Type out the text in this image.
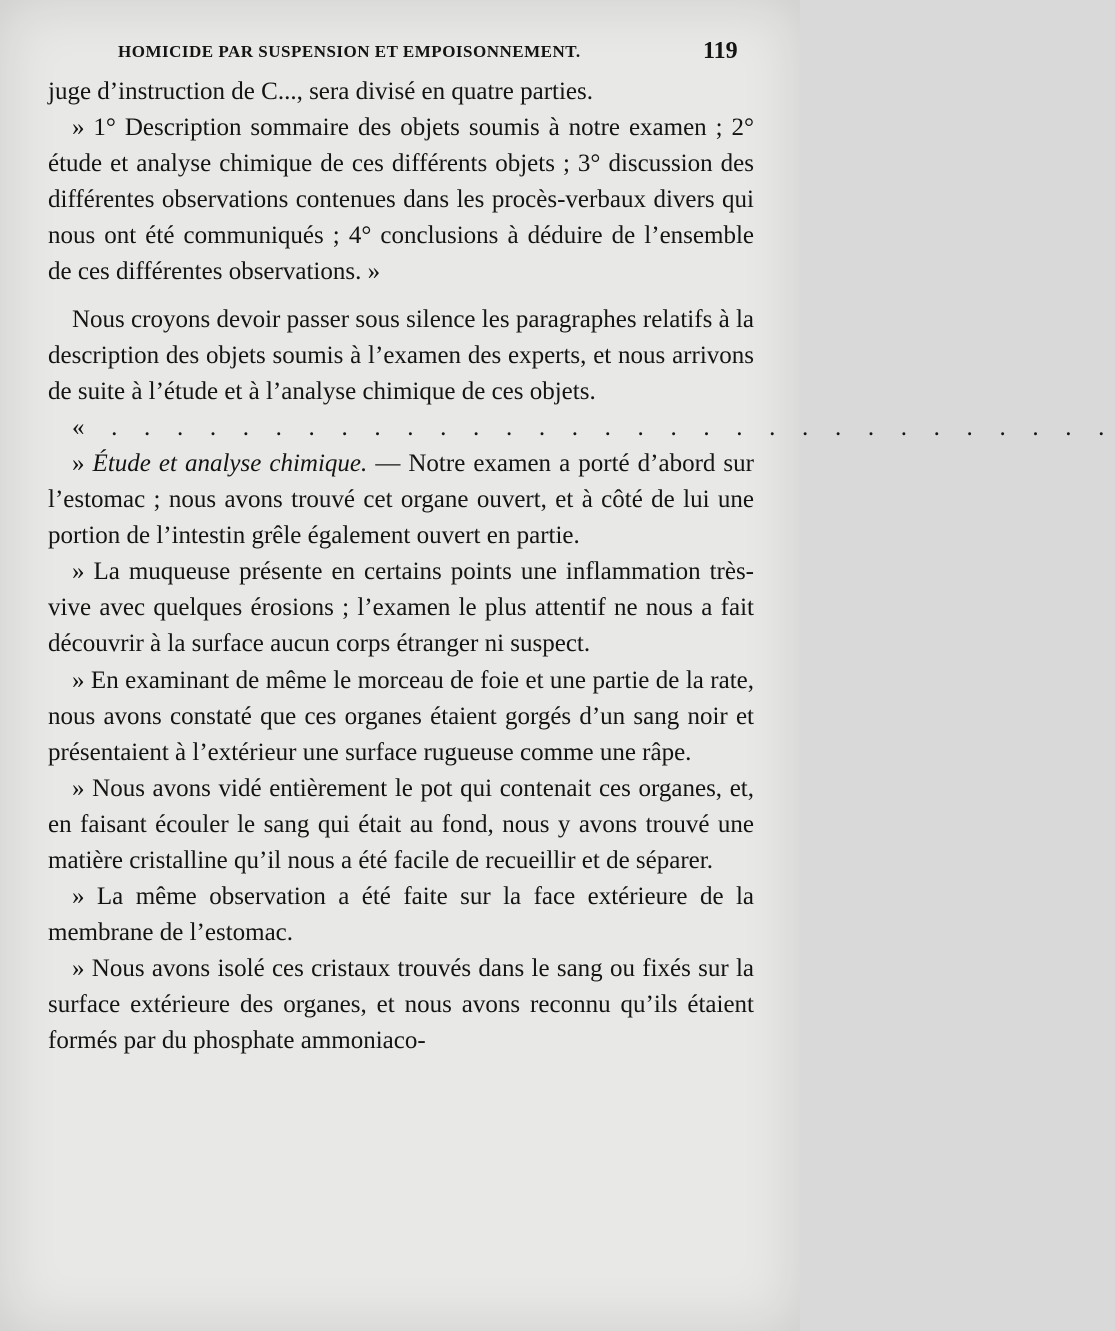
HOMICIDE PAR SUSPENSION ET EMPOISONNEMENT.	119

juge d’instruction de C..., sera divisé en quatre parties.

» 1° Description sommaire des objets soumis à notre examen ; 2° étude et analyse chimique de ces différents objets ; 3° discussion des différentes observations contenues dans les procès-verbaux divers qui nous ont été communiqués ; 4° conclusions à déduire de l’ensemble de ces différentes observations. »

Nous croyons devoir passer sous silence les paragraphes relatifs à la description des objets soumis à l’examen des experts, et nous arrivons de suite à l’étude et à l’analyse chimique de ces objets.

« . . . . . . . . . . . . . . . . . . . . . . . . . . . . . . .

» Étude et analyse chimique. — Notre examen a porté d’abord sur l’estomac ; nous avons trouvé cet organe ouvert, et à côté de lui une portion de l’intestin grêle également ouvert en partie.

» La muqueuse présente en certains points une inflammation très-vive avec quelques érosions ; l’examen le plus attentif ne nous a fait découvrir à la surface aucun corps étranger ni suspect.

» En examinant de même le morceau de foie et une partie de la rate, nous avons constaté que ces organes étaient gorgés d’un sang noir et présentaient à l’extérieur une surface rugueuse comme une râpe.

» Nous avons vidé entièrement le pot qui contenait ces organes, et, en faisant écouler le sang qui était au fond, nous y avons trouvé une matière cristalline qu’il nous a été facile de recueillir et de séparer.

» La même observation a été faite sur la face extérieure de la membrane de l’estomac.

» Nous avons isolé ces cristaux trouvés dans le sang ou fixés sur la surface extérieure des organes, et nous avons reconnu qu’ils étaient formés par du phosphate ammoniaco-
